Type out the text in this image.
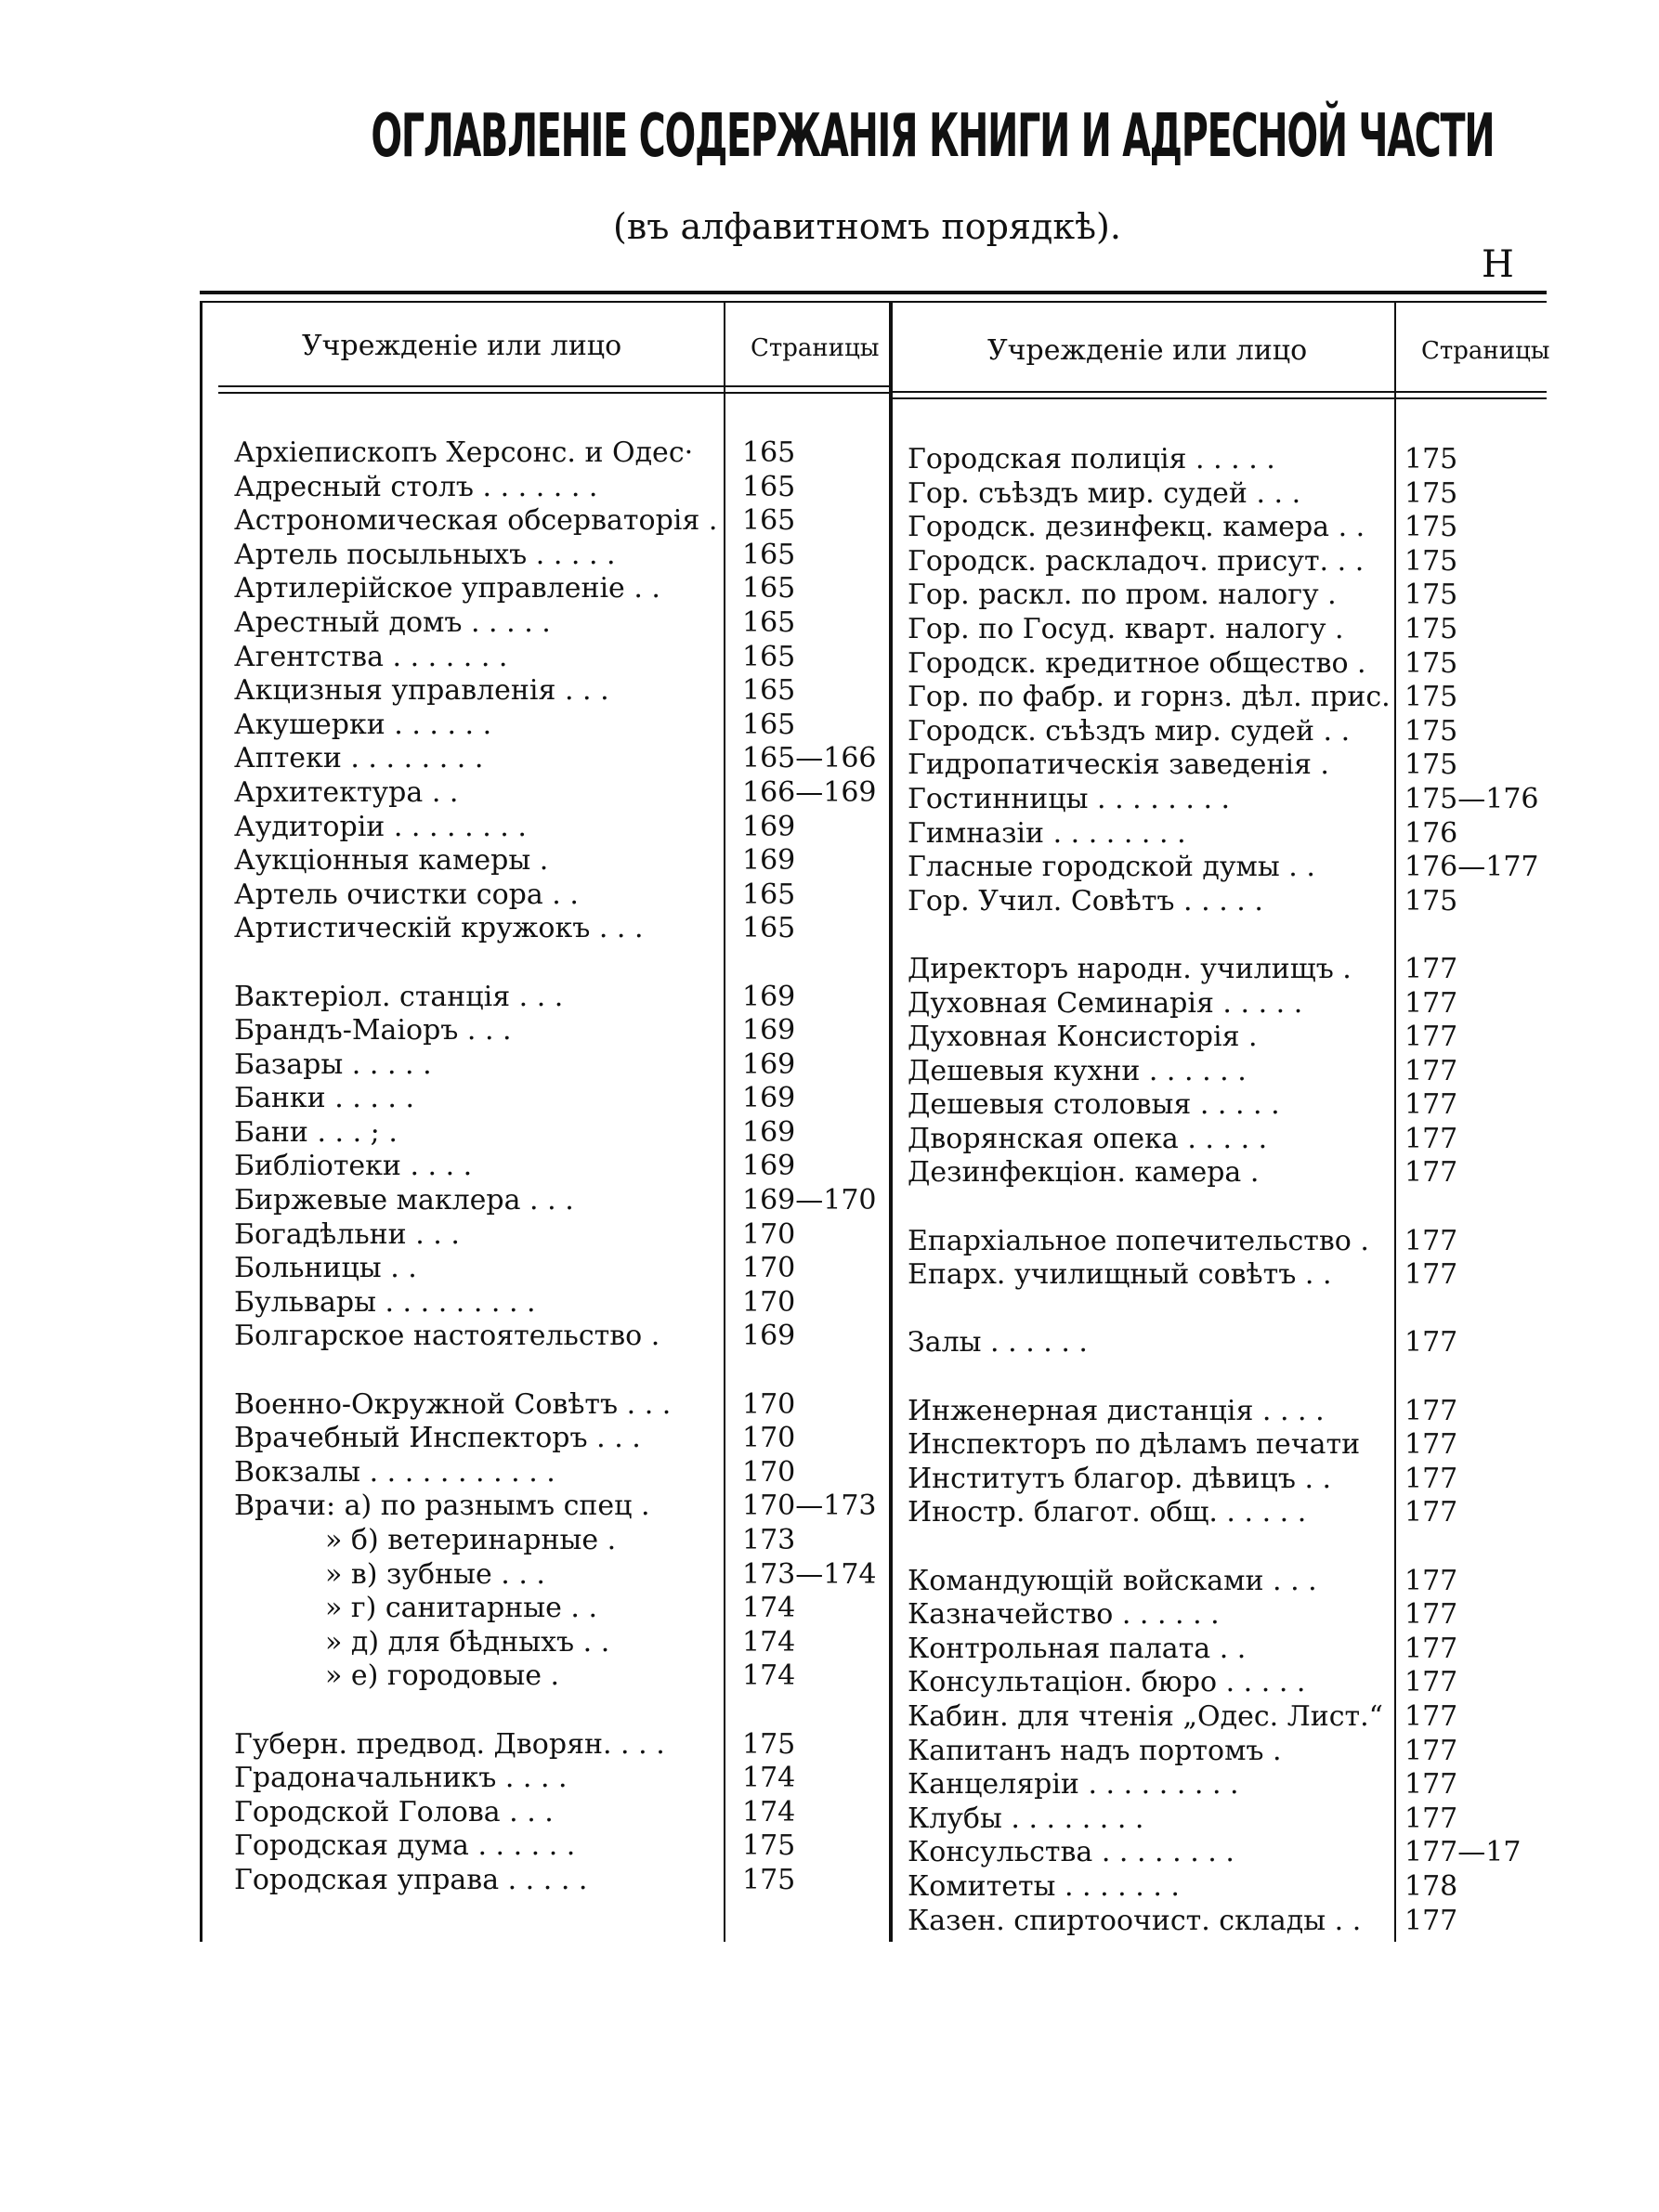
ОГЛАВЛЕНІЕ СОДЕРЖАНІЯ КНИГИ И АДРЕСНОЙ ЧАСТИ
(въ алфавитномъ порядкѣ).
Н
Учрежденіе или лицо	Страницы	Учрежденіе или лицо	Страницы
Архіепископъ Херсонс. и Одес· 165
Адресный столъ . . . . . . .	165
Астрономическая обсерваторія . 165
Артель посыльныхъ . . . . .	165
Артилерійское управленіе . .	165
Арестный домъ . . . . .	165
Агентства . . . . . . .	165
Акцизныя управленія . . .	165
Акушерки . . . . . .	165
Аптеки . . . . . . . .	165—166
Архитектура . .	166—169
Аудиторіи . . . . . . . .	169
Аукціонныя камеры .	169
Артель очистки сора . .	165
Артистическій кружокъ . . .	165
Вактеріол. станція . . .	169
Брандъ-Маіоръ . . .	169
Базары . . . . .	169
Банки . . . . .	169
Бани . . . ; .	169
Библіотеки . . . .	169
Биржевые маклера . . .	169—170
Богадѣльни . . .	170
Больницы . .	170
Бульвары . . . . . . . . .	170
Болгарское настоятельство .	169
Военно-Окружной Совѣтъ . . .	170
Врачебный Инспекторъ . . .	170
Вокзалы . . . . . . . . . . .	170
Врачи: а) по разнымъ спец .	170—173
» б) ветеринарные .	173
» в) зубные . . .	173—174
» г) санитарные . .	174
» д) для бѣдныхъ . .	174
» е) городовые .	174
Губерн. предвод. Дворян. . . .	175
Градоначальникъ . . . .	174
Городской Голова . . .	174
Городская дума . . . . . .	175
Городская управа . . . . .	175
Городская полиція . . . . .	175
Гор. съѣздъ мир. судей . . .	175
Городск. дезинфекц. камера . . 175
Городск. раскладоч. присут. . . 175
Гор. раскл. по пром. налогу . 175
Гор. по Госуд. кварт. налогу . 175
Городск. кредитное общество . 175
Гор. по фабр. и горнз. дѣл. прис. 175
Городск. съѣздъ мир. судей . . 175
Гидропатическія заведенія .	175
Гостинницы . . . . . . . .	175—176
Гимназіи . . . . . . . .	176
Гласные городской думы . .	176—177
Гор. Учил. Совѣтъ . . . . .	175
Директоръ народн. училищъ . 177
Духовная Семинарія . . . . .	177
Духовная Консисторія .	177
Дешевыя кухни . . . . . .	177
Дешевыя столовыя . . . . .	177
Дворянская опека . . . . .	177
Дезинфекціон. камера .	177
Епархіальное попечительство . 177
Епарх. училищный совѣтъ . .	177
Залы . . . . . .	177
Инженерная дистанція . . . .	177
Инспекторъ по дѣламъ печати 177
Институтъ благор. дѣвицъ . .	177
Иностр. благот. общ. . . . . .	177
Командующій войсками . . .	177
Казначейство . . . . . .	177
Контрольная палата . .	177
Консультаціон. бюро . . . . .	177
Кабин. для чтенія „Одес. Лист.“ 177
Капитанъ надъ портомъ .	177
Канцеляріи . . . . . . . . .	177
Клубы . . . . . . . .	177
Консульства . . . . . . . .	177—17
Комитеты . . . . . . .	178
Казен. спиртоочист. склады . . 177
